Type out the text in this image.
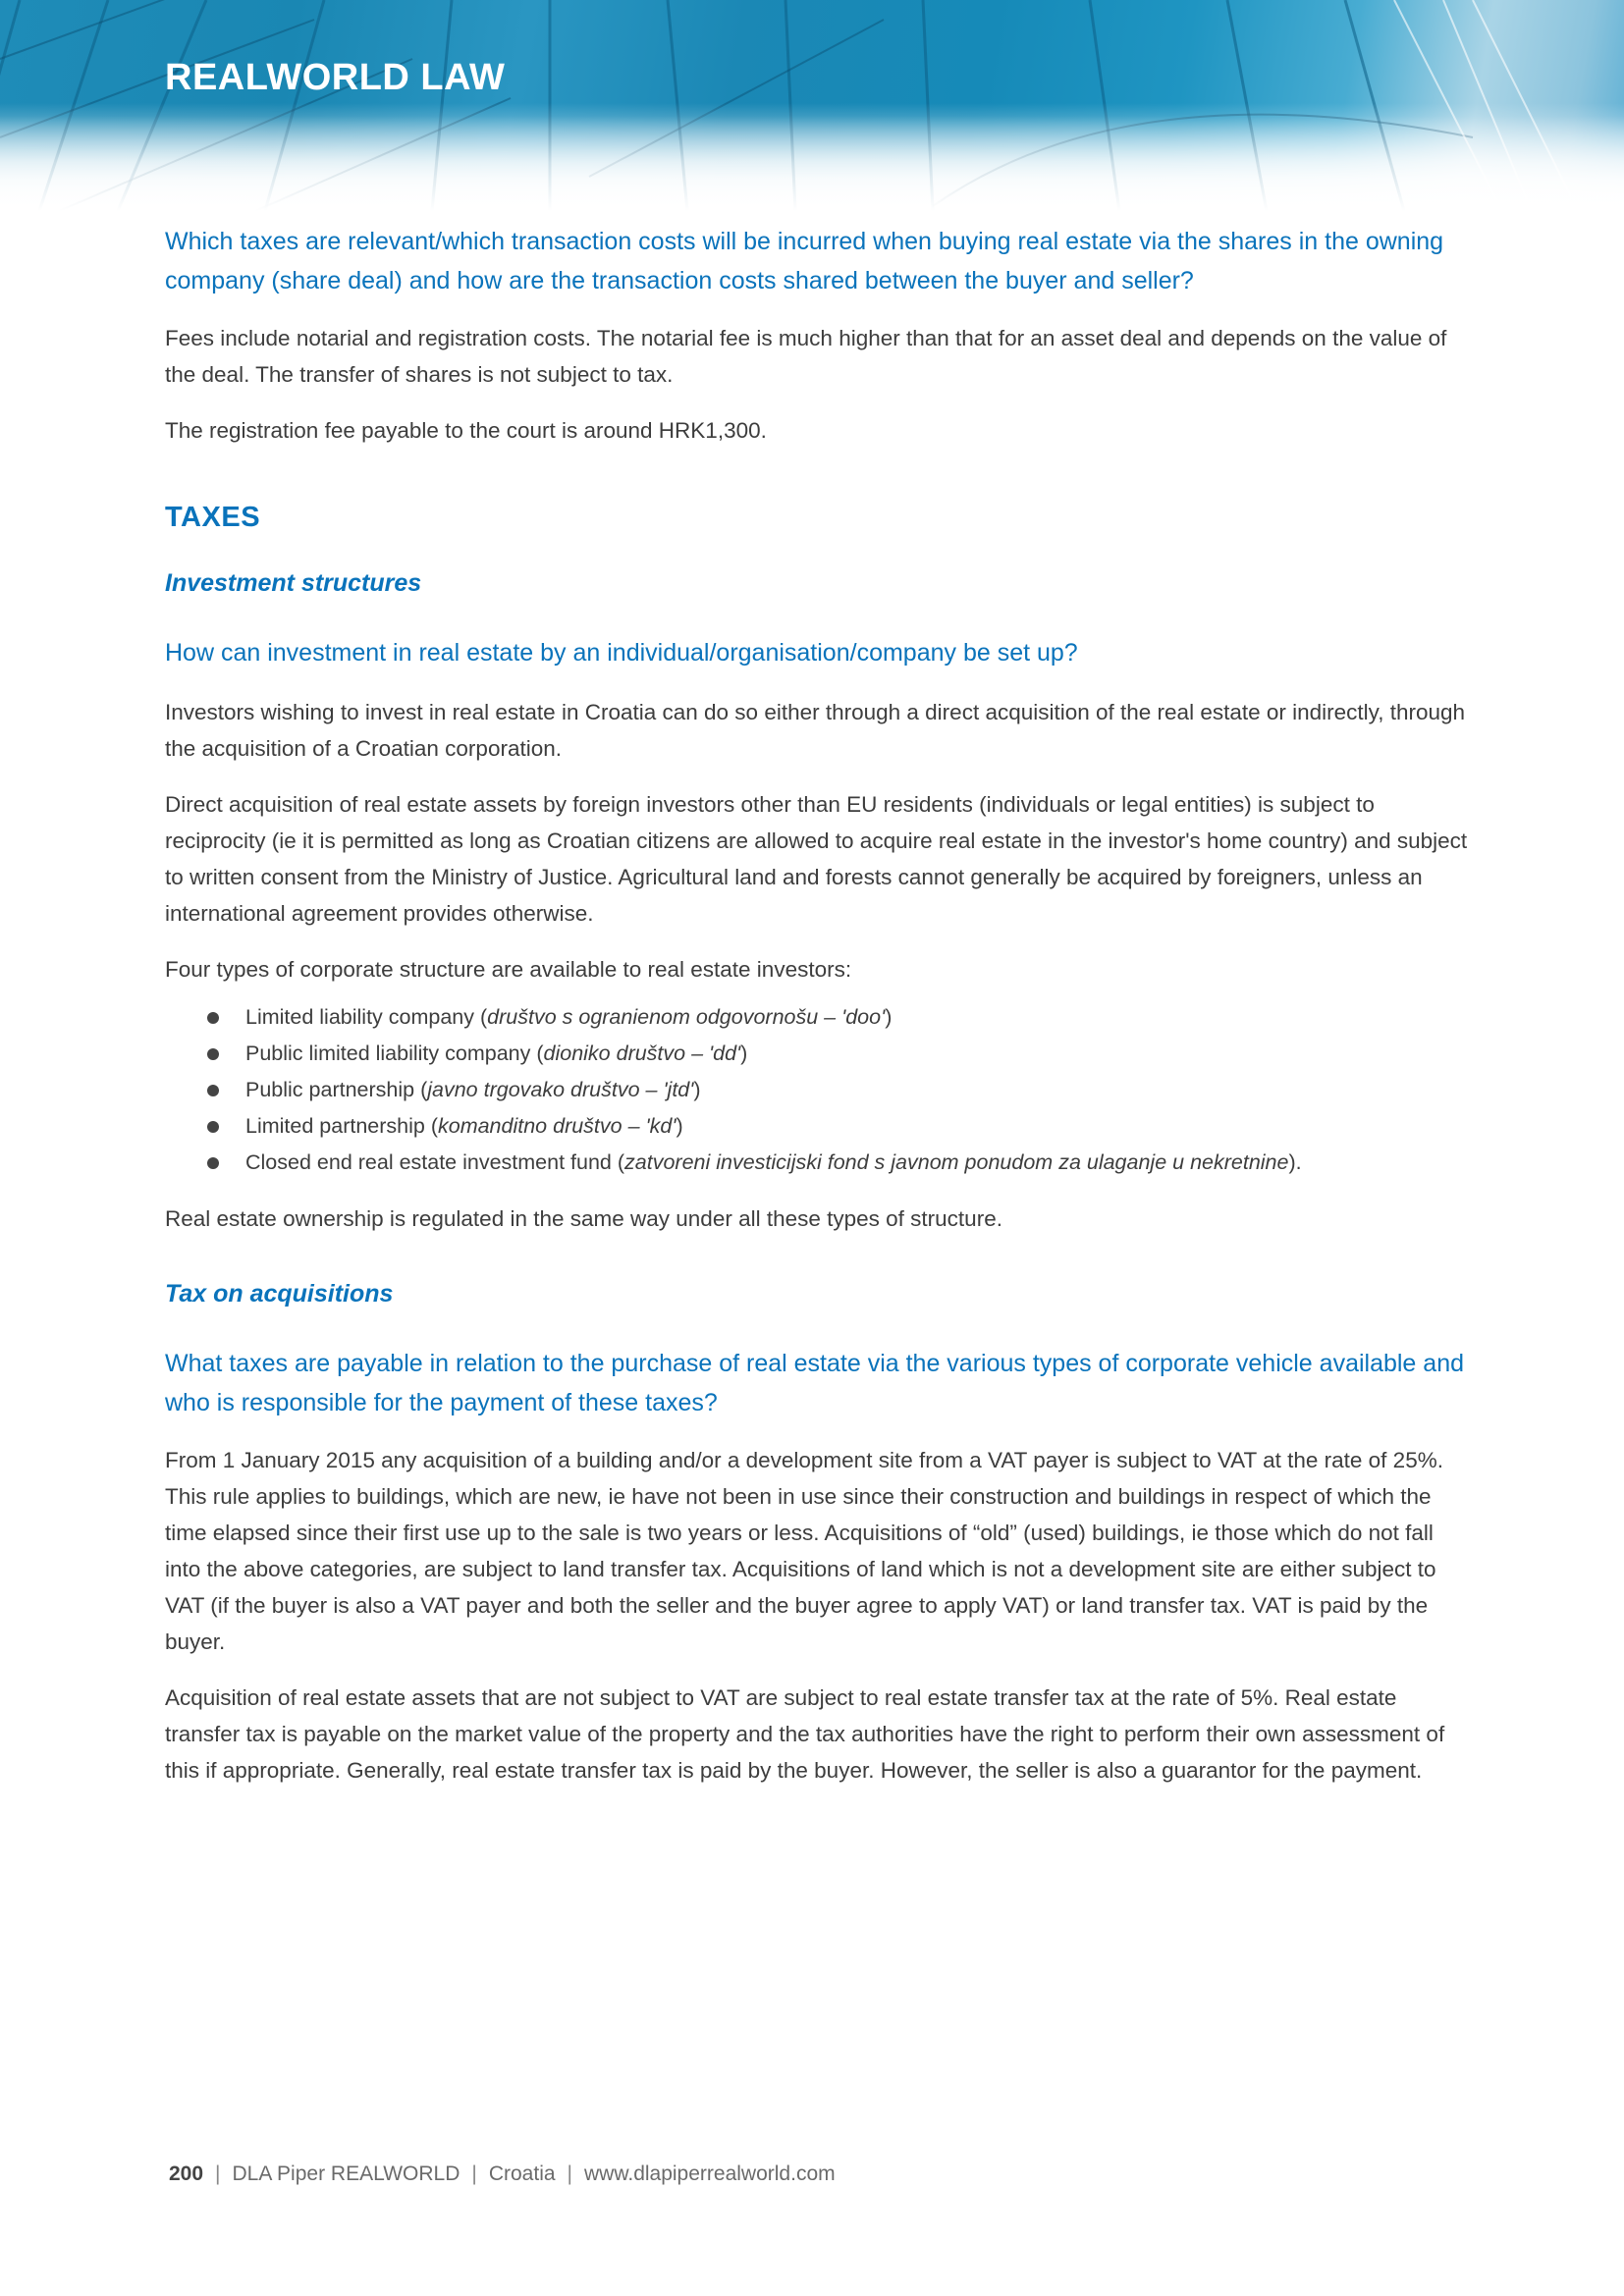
REALWORLD LAW

Which taxes are relevant/which transaction costs will be incurred when buying real estate via the shares in the owning company (share deal) and how are the transaction costs shared between the buyer and seller?

Fees include notarial and registration costs. The notarial fee is much higher than that for an asset deal and depends on the value of the deal. The transfer of shares is not subject to tax.

The registration fee payable to the court is around HRK1,300.

TAXES
Investment structures

How can investment in real estate by an individual/organisation/company be set up?

Investors wishing to invest in real estate in Croatia can do so either through a direct acquisition of the real estate or indirectly, through the acquisition of a Croatian corporation.

Direct acquisition of real estate assets by foreign investors other than EU residents (individuals or legal entities) is subject to reciprocity (ie it is permitted as long as Croatian citizens are allowed to acquire real estate in the investor's home country) and subject to written consent from the Ministry of Justice. Agricultural land and forests cannot generally be acquired by foreigners, unless an international agreement provides otherwise.

Four types of corporate structure are available to real estate investors:

Limited liability company (društvo s ogranienom odgovornošu – 'doo')
Public limited liability company (dioniko društvo – 'dd')
Public partnership (javno trgovako društvo – 'jtd')
Limited partnership (komanditno društvo – 'kd')
Closed end real estate investment fund (zatvoreni investicijski fond s javnom ponudom za ulaganje u nekretnine).

Real estate ownership is regulated in the same way under all these types of structure.

Tax on acquisitions

What taxes are payable in relation to the purchase of real estate via the various types of corporate vehicle available and who is responsible for the payment of these taxes?

From 1 January 2015 any acquisition of a building and/or a development site from a VAT payer is subject to VAT at the rate of 25%. This rule applies to buildings, which are new, ie have not been in use since their construction and buildings in respect of which the time elapsed since their first use up to the sale is two years or less. Acquisitions of “old” (used) buildings, ie those which do not fall into the above categories, are subject to land transfer tax. Acquisitions of land which is not a development site are either subject to VAT (if the buyer is also a VAT payer and both the seller and the buyer agree to apply VAT) or land transfer tax. VAT is paid by the buyer.

Acquisition of real estate assets that are not subject to VAT are subject to real estate transfer tax at the rate of 5%. Real estate transfer tax is payable on the market value of the property and the tax authorities have the right to perform their own assessment of this if appropriate. Generally, real estate transfer tax is paid by the buyer. However, the seller is also a guarantor for the payment.

200 | DLA Piper REALWORLD | Croatia | www.dlapiperrealworld.com
